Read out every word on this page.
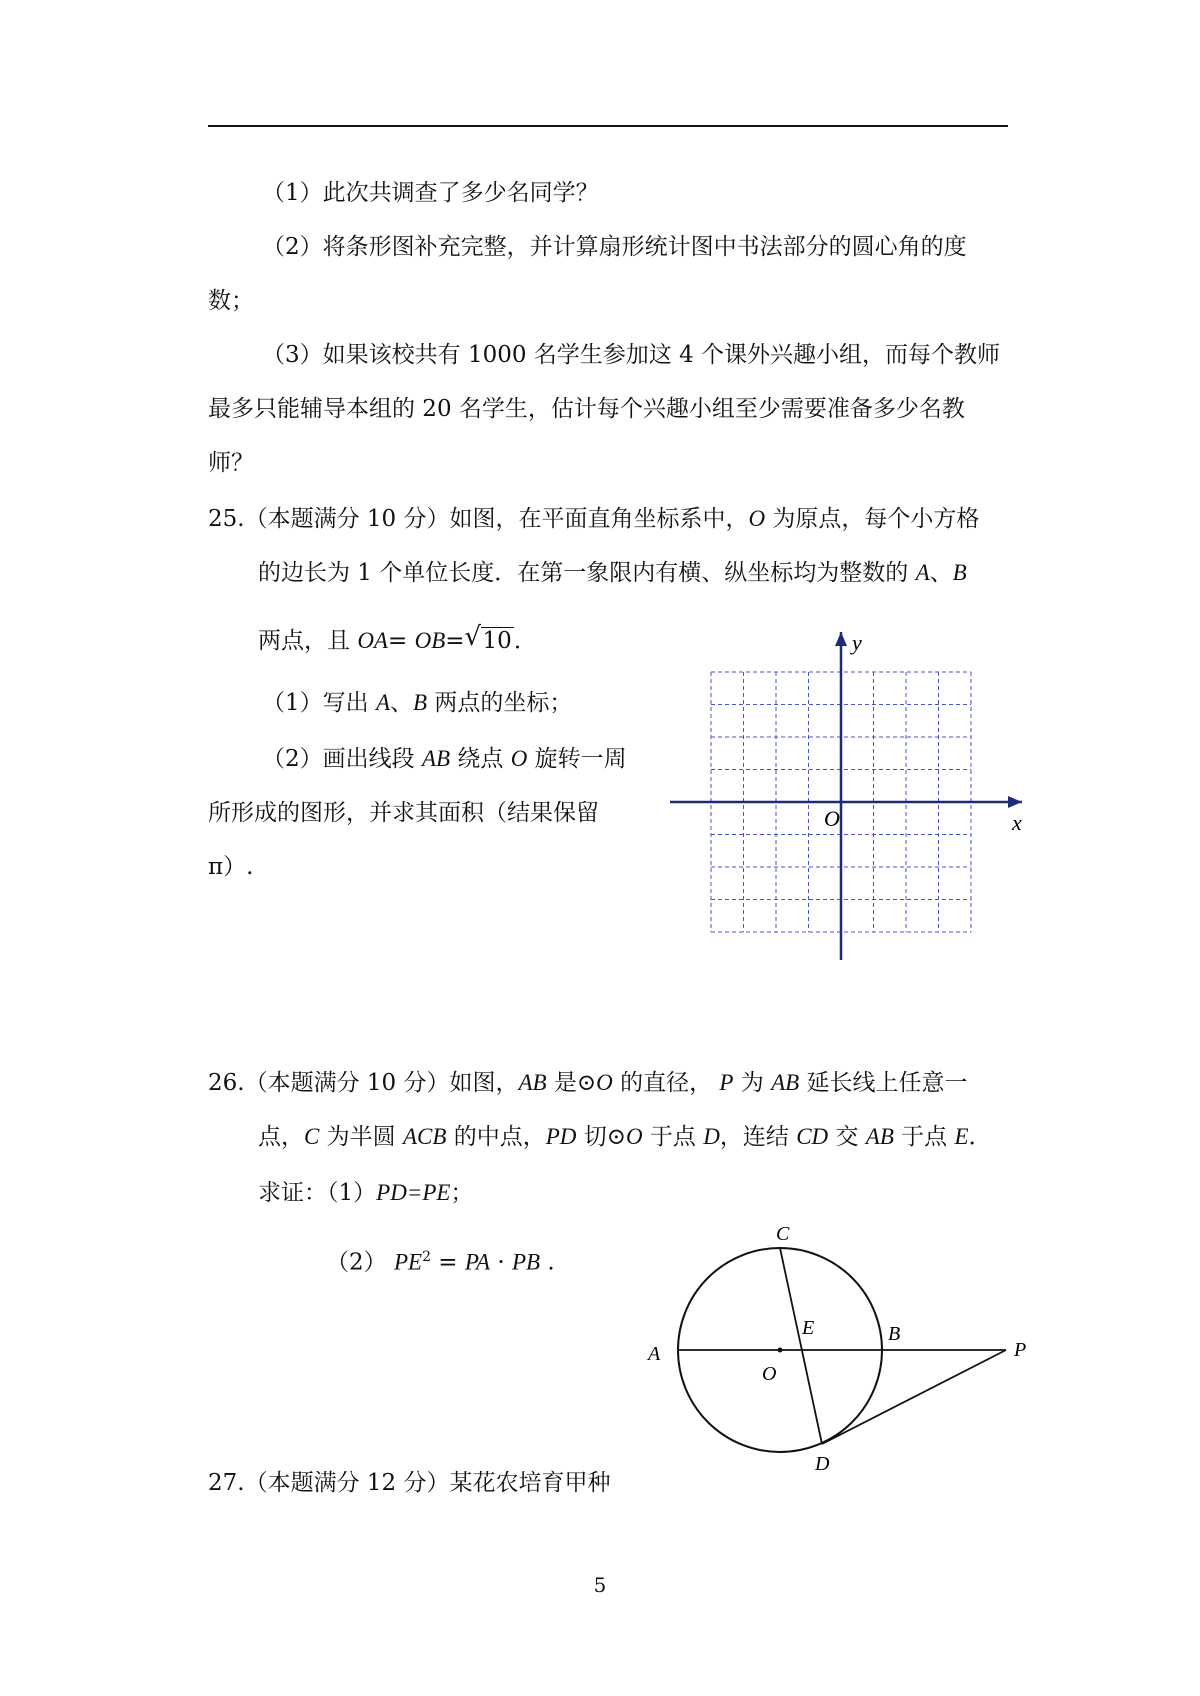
（1）此次共调查了多少名同学？
（2）将条形图补充完整，并计算扇形统计图中书法部分的圆心角的度
数；
（3）如果该校共有 1000 名学生参加这 4 个课外兴趣小组，而每个教师
最多只能辅导本组的 20 名学生，估计每个兴趣小组至少需要准备多少名教
师？
25.（本题满分 10 分）如图，在平面直角坐标系中，O 为原点，每个小方格
的边长为 1 个单位长度．在第一象限内有横、纵坐标均为整数的 A、B
两点，且 OA= OB= √ 10．
（1）写出 A、B 两点的坐标；
（2）画出线段 AB 绕点 O 旋转一周
所形成的图形，并求其面积（结果保留
π）.
x
y
O
26.（本题满分 10 分）如图，AB 是⊙O 的直径， P 为 AB 延长线上任意一
点，C 为半圆 ACB 的中点，PD 切⊙O 于点 D，连结 CD 交 AB 于点 E．
求证：（1）PD=PE；
（2） $PE^2$ = PA · PB .
C
A
B
E
O
P
D
27.（本题满分 12 分）某花农培育甲种
5
